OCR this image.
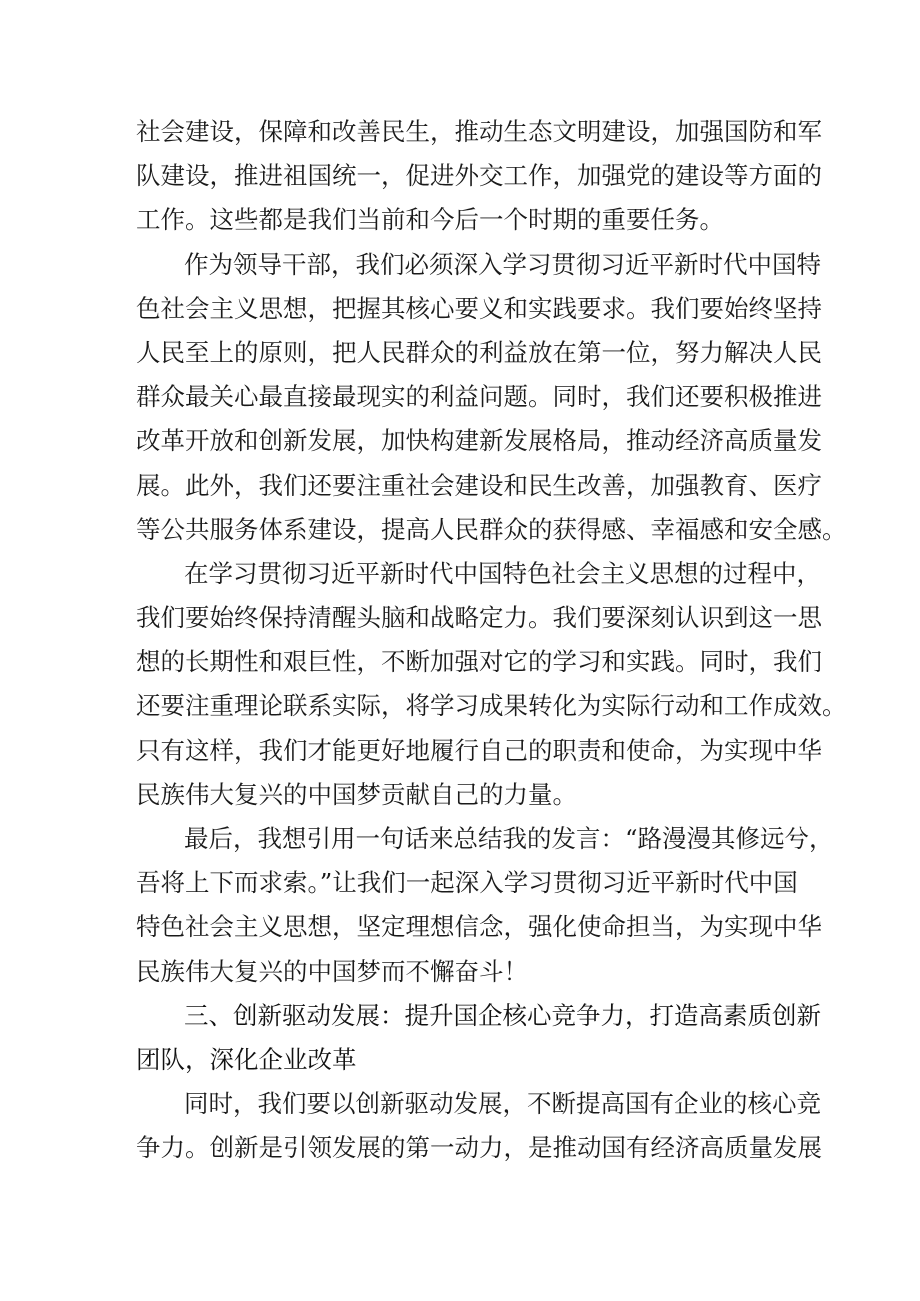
社会建设，保障和改善民生，推动生态文明建设，加强国防和军
队建设，推进祖国统一，促进外交工作，加强党的建设等方面的
工作。这些都是我们当前和今后一个时期的重要任务。
作为领导干部，我们必须深入学习贯彻习近平新时代中国特
色社会主义思想，把握其核心要义和实践要求。我们要始终坚持
人民至上的原则，把人民群众的利益放在第一位，努力解决人民
群众最关心最直接最现实的利益问题。同时，我们还要积极推进
改革开放和创新发展，加快构建新发展格局，推动经济高质量发
展。此外，我们还要注重社会建设和民生改善，加强教育、医疗
等公共服务体系建设，提高人民群众的获得感、幸福感和安全感。
在学习贯彻习近平新时代中国特色社会主义思想的过程中，
我们要始终保持清醒头脑和战略定力。我们要深刻认识到这一思
想的长期性和艰巨性，不断加强对它的学习和实践。同时，我们
还要注重理论联系实际，将学习成果转化为实际行动和工作成效。
只有这样，我们才能更好地履行自己的职责和使命，为实现中华
民族伟大复兴的中国梦贡献自己的力量。
最后，我想引用一句话来总结我的发言：“路漫漫其修远兮，
吾将上下而求索。”让我们一起深入学习贯彻习近平新时代中国
特色社会主义思想，坚定理想信念，强化使命担当，为实现中华
民族伟大复兴的中国梦而不懈奋斗！
三、创新驱动发展：提升国企核心竞争力，打造高素质创新
团队，深化企业改革
同时，我们要以创新驱动发展，不断提高国有企业的核心竞
争力。创新是引领发展的第一动力，是推动国有经济高质量发展
